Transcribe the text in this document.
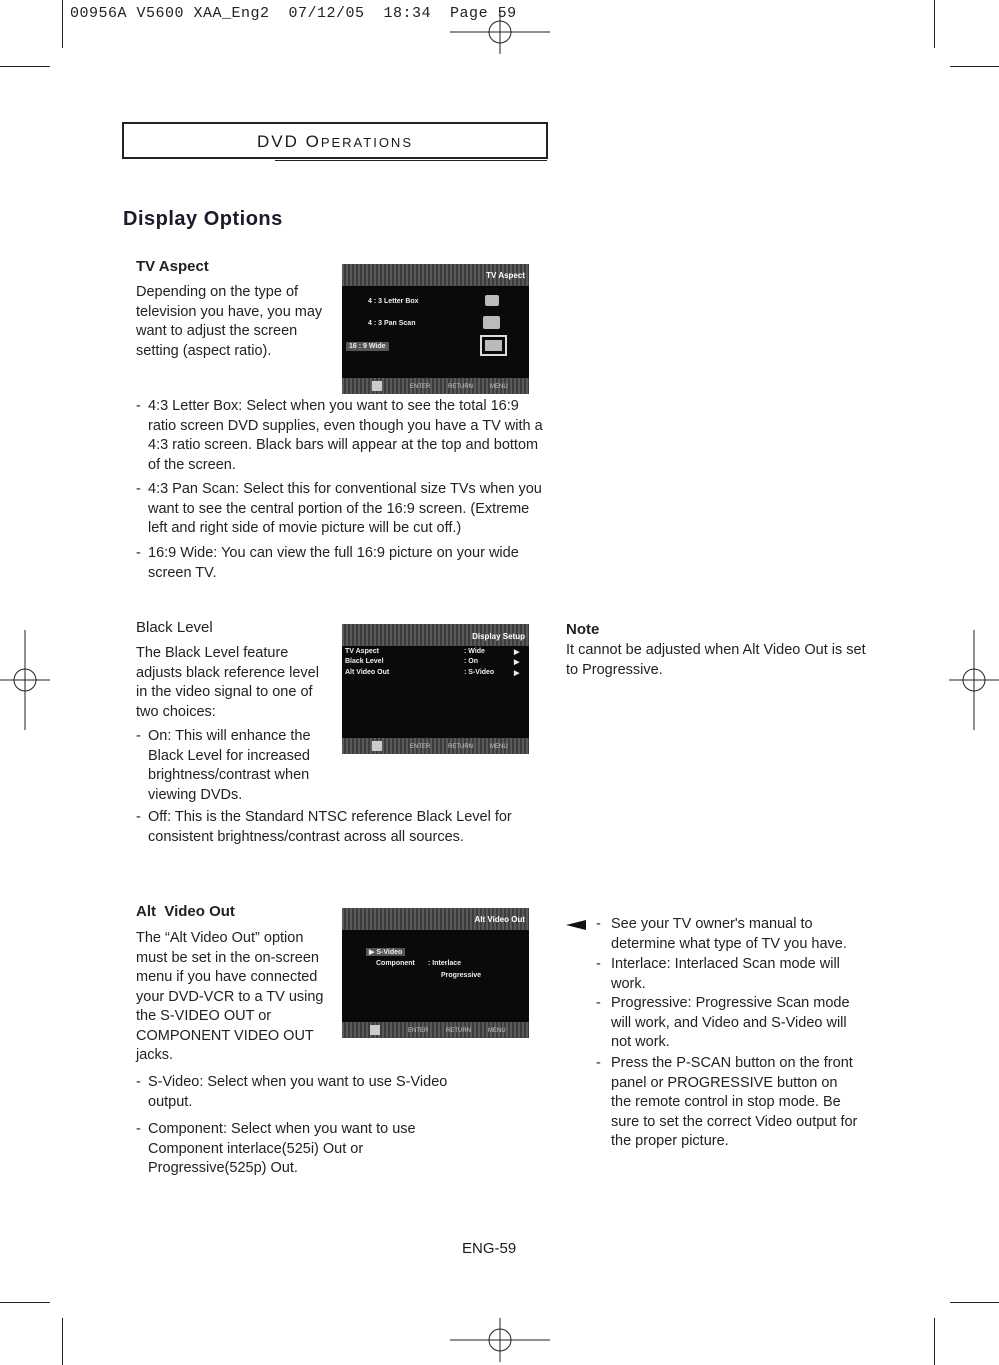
00956A V5600 XAA_Eng2  07/12/05  18:34  Page 59
DVD OPERATIONS
Display Options
TV Aspect
Depending on the type of television you have, you may want to adjust the screen setting (aspect ratio).
TV Aspect
4 : 3 Letter Box
4 : 3 Pan Scan
16 : 9 Wide
ENTER	RETURN	MENU
- 4:3 Letter Box: Select when you want to see the total 16:9 ratio screen DVD supplies, even though you have a TV with a 4:3 ratio screen. Black bars will appear at the top and bottom of the screen.
- 4:3 Pan Scan: Select this for conventional size TVs when you want to see the central portion of the 16:9 screen. (Extreme left and right side of movie picture will be cut off.)
- 16:9 Wide: You can view the full 16:9 picture on your wide screen TV.
Black Level
The Black Level feature adjusts black reference level in the video signal to one of two choices:
Display Setup
TV Aspect	: Wide
Black Level	: On
Alt Video Out	: S-Video
▶
▶
▶
ENTER	RETURN	MENU
- On: This will enhance the Black Level for increased brightness/contrast when viewing DVDs.
- Off: This is the Standard NTSC reference Black Level for consistent brightness/contrast across all sources.
Note
It cannot be adjusted when Alt Video Out is set to Progressive.
Alt  Video Out
The “Alt Video Out” option must be set in the on-screen menu if you have connected your DVD-VCR to a TV using the S-VIDEO OUT or COMPONENT VIDEO OUT jacks.
Alt Video Out
▶ S-Video
Component : Interlace
Progressive
ENTER	RETURN	MENU
- S-Video: Select when you want to use S-Video output.
- Component: Select when you want to use Component interlace(525i) Out or Progressive(525p) Out.
- See your TV owner's manual to determine what type of TV you have.
- Interlace: Interlaced Scan mode will work.
- Progressive: Progressive Scan mode will work, and Video and S-Video will not work.
- Press the P-SCAN button on the front panel or PROGRESSIVE button on the remote control in stop mode. Be sure to set the correct Video output for the proper picture.
ENG-59
